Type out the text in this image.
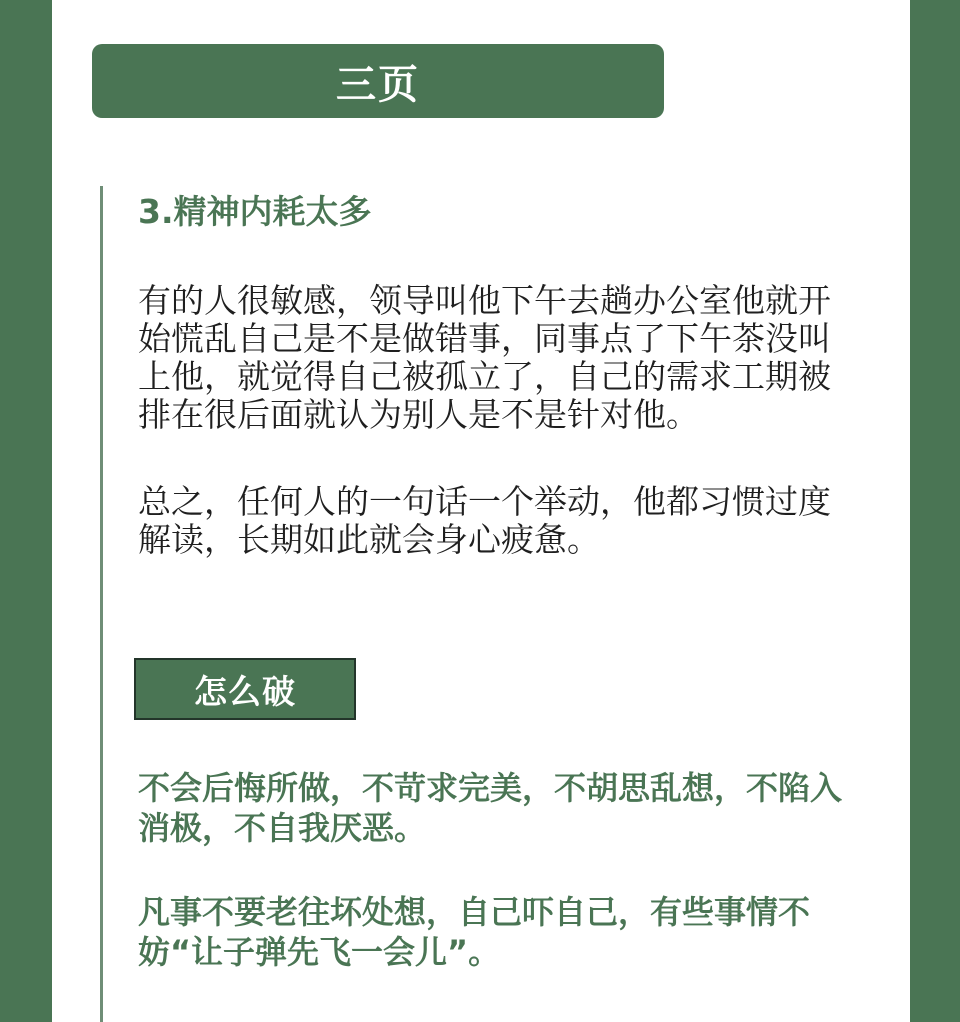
三页
3.精神内耗太多
有的人很敏感，领导叫他下午去趟办公室他就开始慌乱自己是不是做错事，同事点了下午茶没叫上他，就觉得自己被孤立了，自己的需求工期被排在很后面就认为别人是不是针对他。
总之，任何人的一句话一个举动，他都习惯过度解读，长期如此就会身心疲惫。
怎么破
不会后悔所做，不苛求完美，不胡思乱想，不陷入消极，不自我厌恶。
凡事不要老往坏处想，自己吓自己，有些事情不妨“让子弹先飞一会儿”。
